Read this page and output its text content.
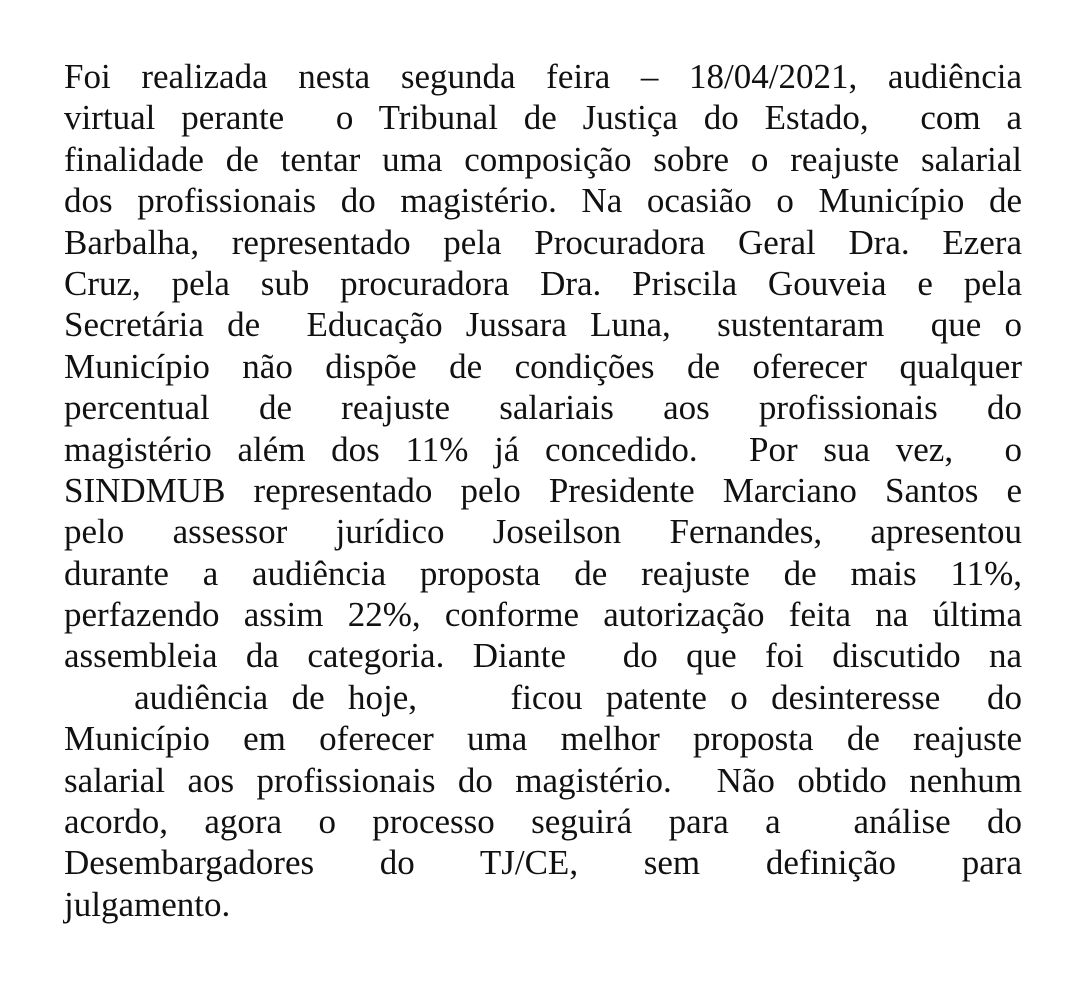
Foi realizada nesta segunda feira – 18/04/2021, audiência
virtual perante  o Tribunal de Justiça do Estado,  com a
finalidade de tentar uma composição sobre o reajuste salarial
dos profissionais do magistério. Na ocasião o Município de
Barbalha, representado pela Procuradora Geral Dra. Ezera
Cruz, pela sub procuradora Dra. Priscila Gouveia e pela
Secretária de  Educação Jussara Luna,  sustentaram  que o
Município não dispõe de condições de oferecer qualquer
percentual de reajuste salariais aos profissionais do
magistério além dos 11% já concedido.  Por sua vez,  o
SINDMUB representado pelo Presidente Marciano Santos e
pelo assessor jurídico Joseilson Fernandes, apresentou
durante a audiência proposta de reajuste de mais 11%,
perfazendo assim 22%, conforme autorização feita na última
assembleia da categoria. Diante  do que foi discutido na
audiência de hoje,    ficou patente o desinteresse  do
Município em oferecer uma melhor proposta de reajuste
salarial aos profissionais do magistério.  Não obtido nenhum
acordo, agora o processo seguirá para a  análise do
Desembargadores do TJ/CE, sem definição para
julgamento.
